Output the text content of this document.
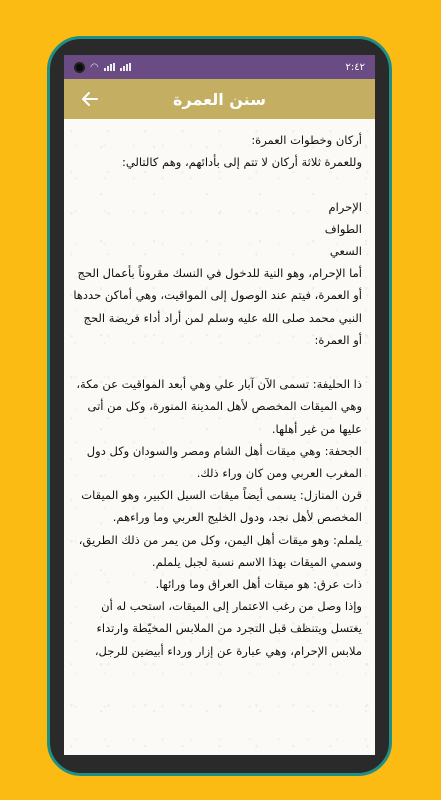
◠	٢:٤٢
سنن العمرة
أركان وخطوات العمرة:
وللعمرة ثلاثة أركان لا تتم إلى بأدائهم، وهم كالتالي:

الإحرام
الطواف
السعي
أما الإحرام، وهو النية للدخول في النسك مقروناً بأعمال الحج أو العمرة، فيتم عند الوصول إلى المواقيت، وهي أماكن حددها النبي محمد صلى الله عليه وسلم لمن أراد أداء فريضة الحج أو العمرة:

ذا الحليفة: تسمى الآن آبار علي وهي أبعد المواقيت عن مكة، وهي الميقات المخصص لأهل المدينة المنورة، وكل من أتى عليها من غير أهلها.
الجحفة: وهي ميقات أهل الشام ومصر والسودان وكل دول المغرب العربي ومن كان وراء ذلك.
قرن المنازل: يسمى أيضاً ميقات السيل الكبير، وهو الميقات المخصص لأهل نجد، ودول الخليج العربي وما وراءهم.
يلملم: وهو ميقات أهل اليمن، وكل من يمر من ذلك الطريق، وسمي الميقات بهذا الاسم نسبة لجبل يلملم.
ذات عرق: هو ميقات أهل العراق وما ورائها.
وإذا وصل من رغب الاعتمار إلى الميقات، استحب له أن يغتسل ويتنظف قبل التجرد من الملابس المخيّطة وارتداء ملابس الإحرام، وهي عبارة عن إزار ورداء أبيضين للرجل،
